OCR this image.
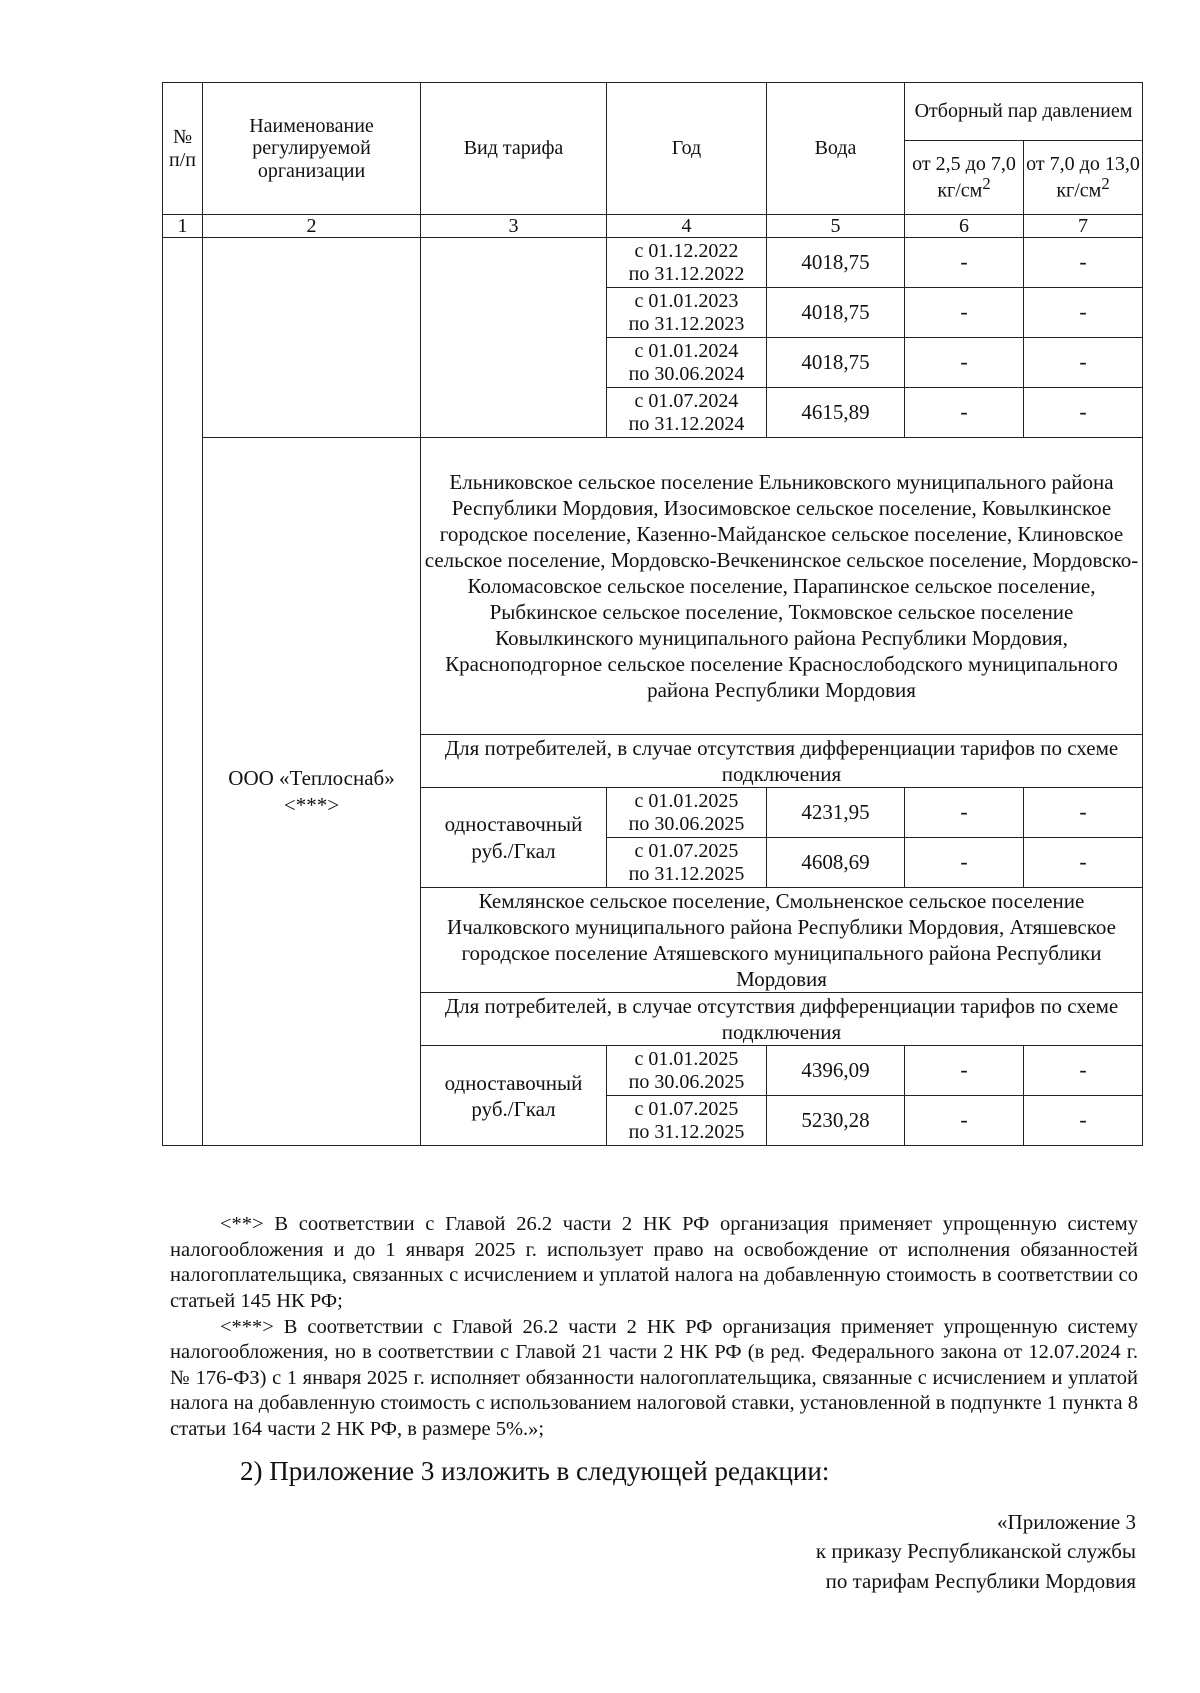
№ п/п	Наименование регулируемой организации	Вид тарифа	Год	Вода	Отборный пар давлением	
					от 2,5 до 7,0 $кг/см^2$	от 7,0 до 13,0 $кг/см^2$
1	2	3	4	5	6	7
			с 01.12.2022
по 31.12.2022	4018,75	-	-
			с 01.01.2023
по 31.12.2023	4018,75	-	-
			с 01.01.2024
по 30.06.2024	4018,75	-	-
			с 01.07.2024
по 31.12.2024	4615,89	-	-
	ООО «Теплоснаб»
<***>	Ельниковское сельское поселение Ельниковского муниципального района Республики Мордовия, Изосимовское сельское поселение, Ковылкинское городское поселение, Казенно-Майданское сельское поселение, Клиновское сельское поселение, Мордовско-Вечкенинское сельское поселение, Мордовско-Коломасовское сельское поселение, Парапинское сельское поселение, Рыбкинское сельское поселение, Токмовское сельское поселение Ковылкинского муниципального района Республики Мордовия, Краснoподгорное сельское поселение Краснослободского муниципального района Республики Мордовия				
		Для потребителей, в случае отсутствия дифференциации тарифов по схеме подключения				
		одноставочный руб./Гкал	с 01.01.2025
по 30.06.2025	4231,95	-	-
			с 01.07.2025
по 31.12.2025	4608,69	-	-
		Кемлянское сельское поселение, Смольненское сельское поселение Ичалковского муниципального района Республики Мордовия, Атяшевское городское поселение Атяшевского муниципального района Республики Мордовия				
		Для потребителей, в случае отсутствия дифференциации тарифов по схеме подключения				
		одноставочный руб./Гкал	с 01.01.2025
по 30.06.2025	4396,09	-	-
			с 01.07.2025
по 31.12.2025	5230,28	-	-

<**> В соответствии с Главой 26.2 части 2 НК РФ организация применяет упрощенную систему налогообложения и до 1 января 2025 г. использует право на освобождение от исполнения обязанностей налогоплательщика, связанных с исчислением и уплатой налога на добавленную стоимость в соответствии со статьей 145 НК РФ;

<***> В соответствии с Главой 26.2 части 2 НК РФ организация применяет упрощенную систему налогообложения, но в соответствии с Главой 21 части 2 НК РФ (в ред. Федерального закона от 12.07.2024 г. № 176-ФЗ) с 1 января 2025 г. исполняет обязанности налогоплательщика, связанные с исчислением и уплатой налога на добавленную стоимость с использованием налоговой ставки, установленной в подпункте 1 пункта 8 статьи 164 части 2 НК РФ, в размере 5%.»;

2) Приложение 3 изложить в следующей редакции:
«Приложение 3
к приказу Республиканской службы
по тарифам Республики Мордовия
